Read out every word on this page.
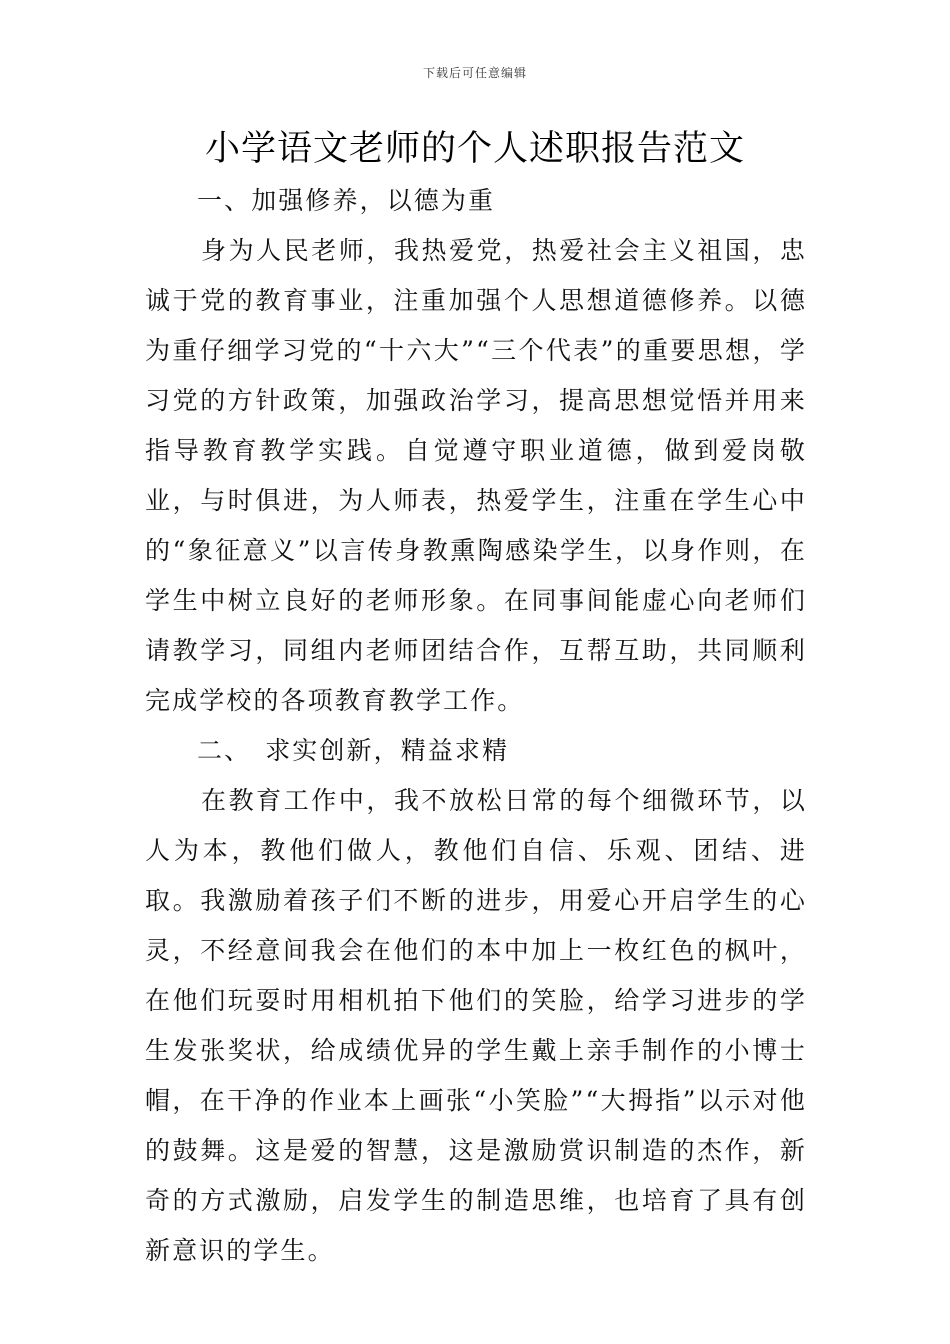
下载后可任意编辑
小学语文老师的个人述职报告范文

一、加强修养，以德为重

身为人民老师，我热爱党，热爱社会主义祖国，忠诚于党的教育事业，注重加强个人思想道德修养。以德为重仔细学习党的“十六大”“三个代表”的重要思想，学习党的方针政策，加强政治学习，提高思想觉悟并用来指导教育教学实践。自觉遵守职业道德，做到爱岗敬业，与时俱进，为人师表，热爱学生，注重在学生心中的“象征意义”以言传身教熏陶感染学生，以身作则，在学生中树立良好的老师形象。在同事间能虚心向老师们请教学习，同组内老师团结合作，互帮互助，共同顺利完成学校的各项教育教学工作。

二、 求实创新，精益求精

在教育工作中，我不放松日常的每个细微环节，以人为本，教他们做人，教他们自信、乐观、团结、进取。我激励着孩子们不断的进步，用爱心开启学生的心灵，不经意间我会在他们的本中加上一枚红色的枫叶，在他们玩耍时用相机拍下他们的笑脸，给学习进步的学生发张奖状，给成绩优异的学生戴上亲手制作的小博士帽，在干净的作业本上画张“小笑脸”“大拇指”以示对他的鼓舞。这是爱的智慧，这是激励赏识制造的杰作，新奇的方式激励，启发学生的制造思维，也培育了具有创新意识的学生。
